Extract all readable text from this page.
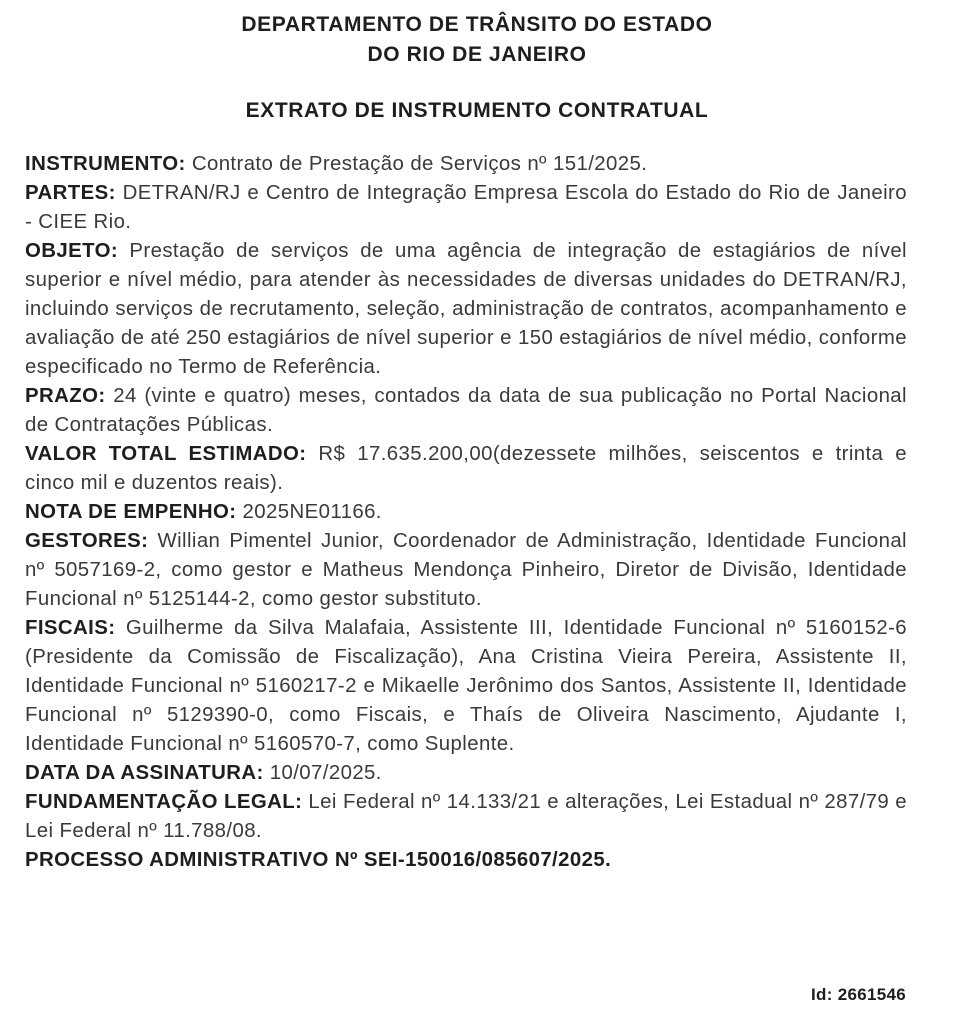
DEPARTAMENTO DE TRÂNSITO DO ESTADO
DO RIO DE JANEIRO
EXTRATO DE INSTRUMENTO CONTRATUAL

INSTRUMENTO: Contrato de Prestação de Serviços nº 151/2025.

PARTES: DETRAN/RJ e Centro de Integração Empresa Escola do Estado do Rio de Janeiro - CIEE Rio.

OBJETO: Prestação de serviços de uma agência de integração de estagiários de nível superior e nível médio, para atender às necessidades de diversas unidades do DETRAN/RJ, incluindo serviços de recrutamento, seleção, administração de contratos, acompanhamento e avaliação de até 250 estagiários de nível superior e 150 estagiários de nível médio, conforme especificado no Termo de Referência.

PRAZO: 24 (vinte e quatro) meses, contados da data de sua publicação no Portal Nacional de Contratações Públicas.

VALOR TOTAL ESTIMADO: R$ 17.635.200,00(dezessete milhões, seiscentos e trinta e cinco mil e duzentos reais).

NOTA DE EMPENHO: 2025NE01166.

GESTORES: Willian Pimentel Junior, Coordenador de Administração, Identidade Funcional nº 5057169-2, como gestor e Matheus Mendonça Pinheiro, Diretor de Divisão, Identidade Funcional nº 5125144-2, como gestor substituto.

FISCAIS: Guilherme da Silva Malafaia, Assistente III, Identidade Funcional nº 5160152-6 (Presidente da Comissão de Fiscalização), Ana Cristina Vieira Pereira, Assistente II, Identidade Funcional nº 5160217-2 e Mikaelle Jerônimo dos Santos, Assistente II, Identidade Funcional nº 5129390-0, como Fiscais, e Thaís de Oliveira Nascimento, Ajudante I, Identidade Funcional nº 5160570-7, como Suplente.

DATA DA ASSINATURA: 10/07/2025.

FUNDAMENTAÇÃO LEGAL: Lei Federal nº 14.133/21 e alterações, Lei Estadual nº 287/79 e Lei Federal nº 11.788/08.

PROCESSO ADMINISTRATIVO Nº SEI-150016/085607/2025.

Id: 2661546
